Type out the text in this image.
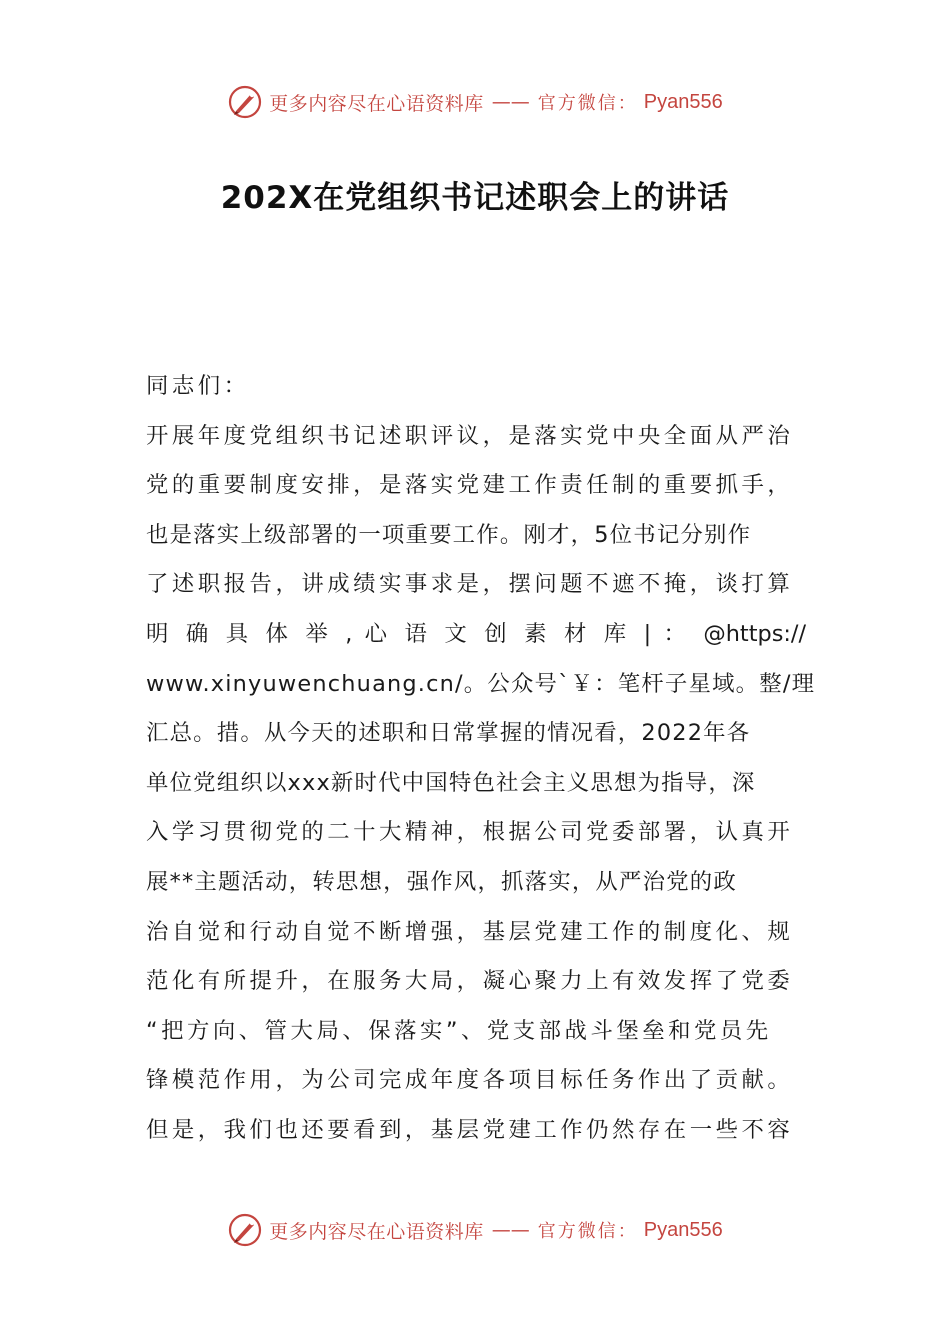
更多内容尽在心语资料库 —— 官方微信： Pyan556
202X在党组织书记述职会上的讲话
同志们：
开展年度党组织书记述职评议，是落实党中央全面从严治
党的重要制度安排，是落实党建工作责任制的重要抓手，
也是落实上级部署的一项重要工作。刚才，5位书记分别作
了述职报告，讲成绩实事求是，摆问题不遮不掩，谈打算
明 确 具 体 举 , 心 语 文 创 素 材 库 | ： @https://
www.xinyuwenchuang.cn/。公众号`￥：笔杆子星域。整/理
汇总。措。从今天的述职和日常掌握的情况看，2022年各
单位党组织以xxx新时代中国特色社会主义思想为指导，深
入学习贯彻党的二十大精神，根据公司党委部署，认真开
展**主题活动，转思想，强作风，抓落实，从严治党的政
治自觉和行动自觉不断增强，基层党建工作的制度化、规
范化有所提升，在服务大局，凝心聚力上有效发挥了党委
“把方向、管大局、保落实”、党支部战斗堡垒和党员先
锋模范作用，为公司完成年度各项目标任务作出了贡献。
但是，我们也还要看到，基层党建工作仍然存在一些不容
更多内容尽在心语资料库 —— 官方微信： Pyan556
